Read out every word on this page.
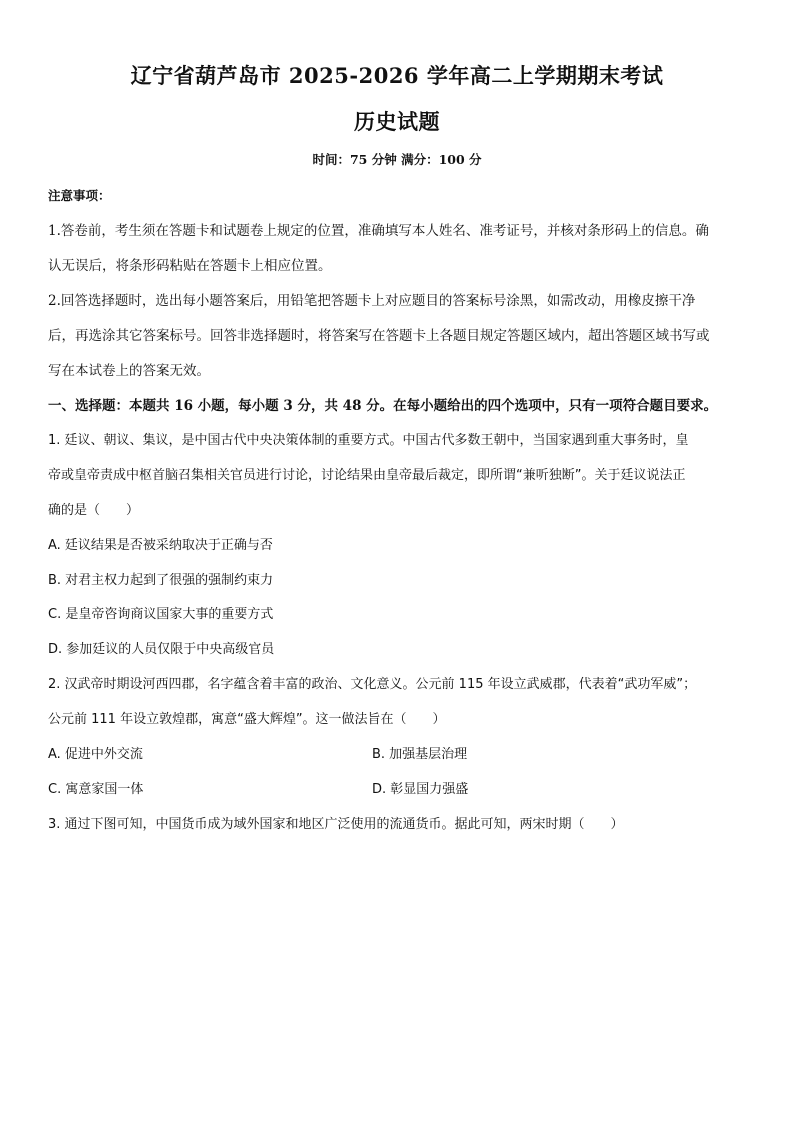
辽宁省葫芦岛市 2025-2026 学年高二上学期期末考试
历史试题
时间：75 分钟 满分：100 分
注意事项：
1.答卷前，考生须在答题卡和试题卷上规定的位置，准确填写本人姓名、准考证号，并核对条形码上的信息。确
认无误后，将条形码粘贴在答题卡上相应位置。
2.回答选择题时，选出每小题答案后，用铅笔把答题卡上对应题目的答案标号涂黑，如需改动，用橡皮擦干净
后，再选涂其它答案标号。回答非选择题时，将答案写在答题卡上各题目规定答题区域内，超出答题区域书写或
写在本试卷上的答案无效。
一、选择题：本题共 16 小题，每小题 3 分，共 48 分。在每小题给出的四个选项中，只有一项符合题目要求。
1. 廷议、朝议、集议，是中国古代中央决策体制的重要方式。中国古代多数王朝中，当国家遇到重大事务时，皇
帝或皇帝责成中枢首脑召集相关官员进行讨论，讨论结果由皇帝最后裁定，即所谓“兼听独断”。关于廷议说法正
确的是（　　）
A. 廷议结果是否被采纳取决于正确与否
B. 对君主权力起到了很强的强制约束力
C. 是皇帝咨询商议国家大事的重要方式
D. 参加廷议的人员仅限于中央高级官员
2. 汉武帝时期设河西四郡，名字蕴含着丰富的政治、文化意义。公元前 115 年设立武威郡，代表着“武功军威”；
公元前 111 年设立敦煌郡，寓意“盛大辉煌”。这一做法旨在（　　）
A. 促进中外交流	B. 加强基层治理
C. 寓意家国一体	D. 彰显国力强盛
3. 通过下图可知，中国货币成为域外国家和地区广泛使用的流通货币。据此可知，两宋时期（　　）
